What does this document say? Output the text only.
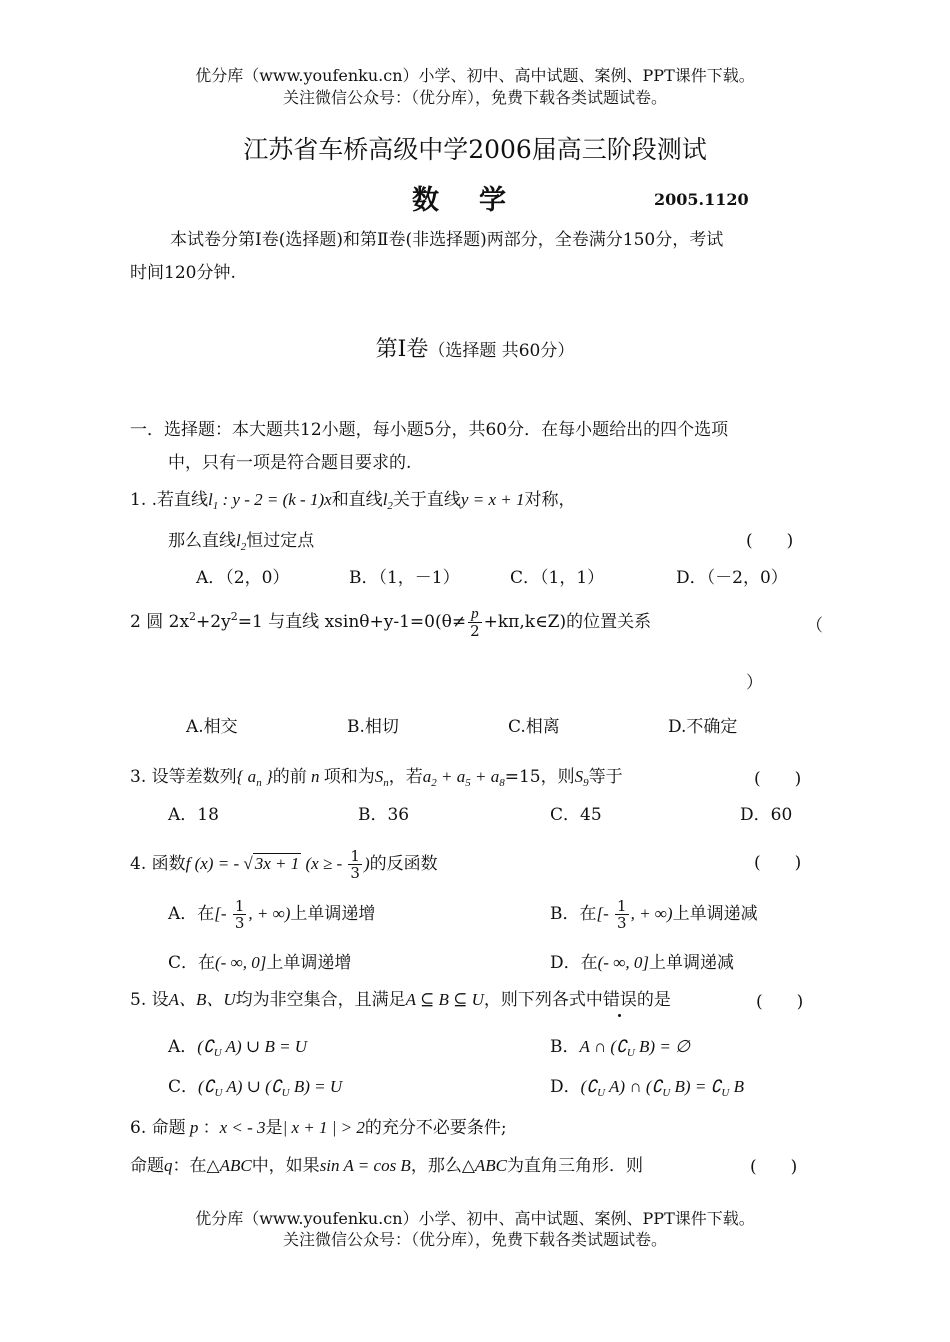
优分库（www.youfenku.cn）小学、初中、高中试题、案例、PPT课件下载。
关注微信公众号：（优分库），免费下载各类试题试卷。
江苏省车桥高级中学2006届高三阶段测试
数学	2005.1120
本试卷分第Ⅰ卷(选择题)和第Ⅱ卷(非选择题)两部分，全卷满分150分，考试
时间120分钟.
第Ⅰ卷（选择题 共60分）
一．选择题：本大题共12小题，每小题5分，共60分．在每小题给出的四个选项
中，只有一项是符合题目要求的.
1. .若直线$l_1$ : y - 2 = (k - 1)x和直线$l_2$关于直线y = x + 1对称，
那么直线$l_2$恒过定点	(　　)
A．（2，0）	B．（1，－1）	C．（1，1）	D．（－2，0）
2 圆 $2x^2+2y^2=1$ 与直线 $xsin\theta+y-1=0(\theta\ne \frac{p}{2}$ +kπ,k∈Z)的位置关系	（
）
A.相交	B.相切	C.相离	D.不确定
3. 设等差数列{ $a_n$ }的前 n 项和为$S_n$，若$a_2 + a_5 + a_8=15$，则$S_9$等于	(　　)
A．18	B．36	C．45	D．60
4. 函数f (x) = - √ 3x + 1 (x ≥ - $\frac{1}{3}$ )的反函数	(　　)
A．在[- $\frac{1}{3}$ , + ∞)上单调递增	B．在[- $\frac{1}{3}$ , + ∞)上单调递减
C．在(- ∞, 0]上单调递增	D．在(- ∞, 0]上单调递减
5. 设A、B、U均为非空集合，且满足A ⊆ B ⊆ U，则下列各式中错误的是	(　　)
A．($∁_U$ A) ∪ B = U	B．A ∩ ($∁_U$ B) = ∅
C．($∁_U$ A) ∪ ($∁_U$ B) = U	D．($∁_U$ A) ∩ ($∁_U$ $B) = ∁_U$ B
6. 命题 p ：x < - 3是| x + 1 | > 2的充分不必要条件;
命题q：在△ABC中，如果sin A = cos B，那么△ABC为直角三角形．则	(　　)
优分库（www.youfenku.cn）小学、初中、高中试题、案例、PPT课件下载。
关注微信公众号：（优分库），免费下载各类试题试卷。
